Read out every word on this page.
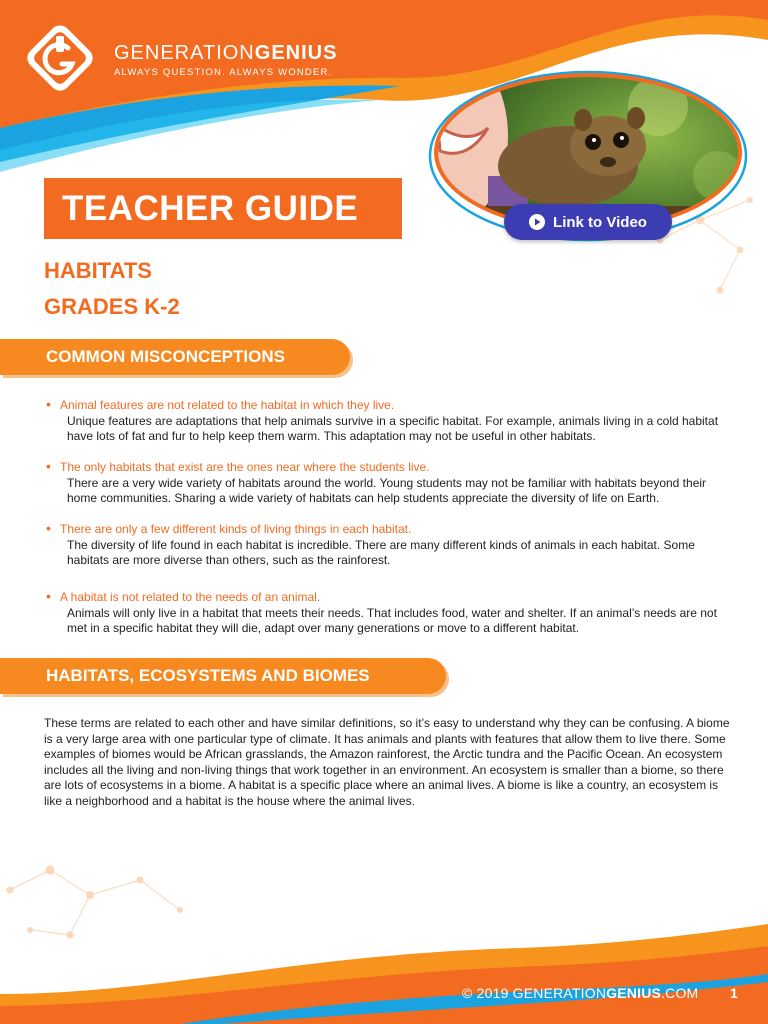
GENERATIONGENIUS
ALWAYS QUESTION. ALWAYS WONDER.
Link to Video
TEACHER GUIDE
HABITATS
GRADES K-2
COMMON MISCONCEPTIONS
• Animal features are not related to the habitat in which they live.
Unique features are adaptations that help animals survive in a specific habitat. For example, animals living in a cold habitat have lots of fat and fur to help keep them warm. This adaptation may not be useful in other habitats.
• The only habitats that exist are the ones near where the students live.
There are a very wide variety of habitats around the world. Young students may not be familiar with habitats beyond their home communities. Sharing a wide variety of habitats can help students appreciate the diversity of life on Earth.
• There are only a few different kinds of living things in each habitat.
The diversity of life found in each habitat is incredible. There are many different kinds of animals in each habitat. Some habitats are more diverse than others, such as the rainforest.
• A habitat is not related to the needs of an animal.
Animals will only live in a habitat that meets their needs. That includes food, water and shelter. If an animal’s needs are not met in a specific habitat they will die, adapt over many generations or move to a different habitat.
HABITATS, ECOSYSTEMS AND BIOMES
These terms are related to each other and have similar definitions, so it’s easy to understand why they can be confusing. A biome is a very large area with one particular type of climate. It has animals and plants with features that allow them to live there. Some examples of biomes would be African grasslands, the Amazon rainforest, the Arctic tundra and the Pacific Ocean. An ecosystem includes all the living and non-living things that work together in an environment. An ecosystem is smaller than a biome, so there are lots of ecosystems in a biome. A habitat is a specific place where an animal lives. A biome is like a country, an ecosystem is like a neighborhood and a habitat is the house where the animal lives.
© 2019 GENERATIONGENIUS.COM 1
